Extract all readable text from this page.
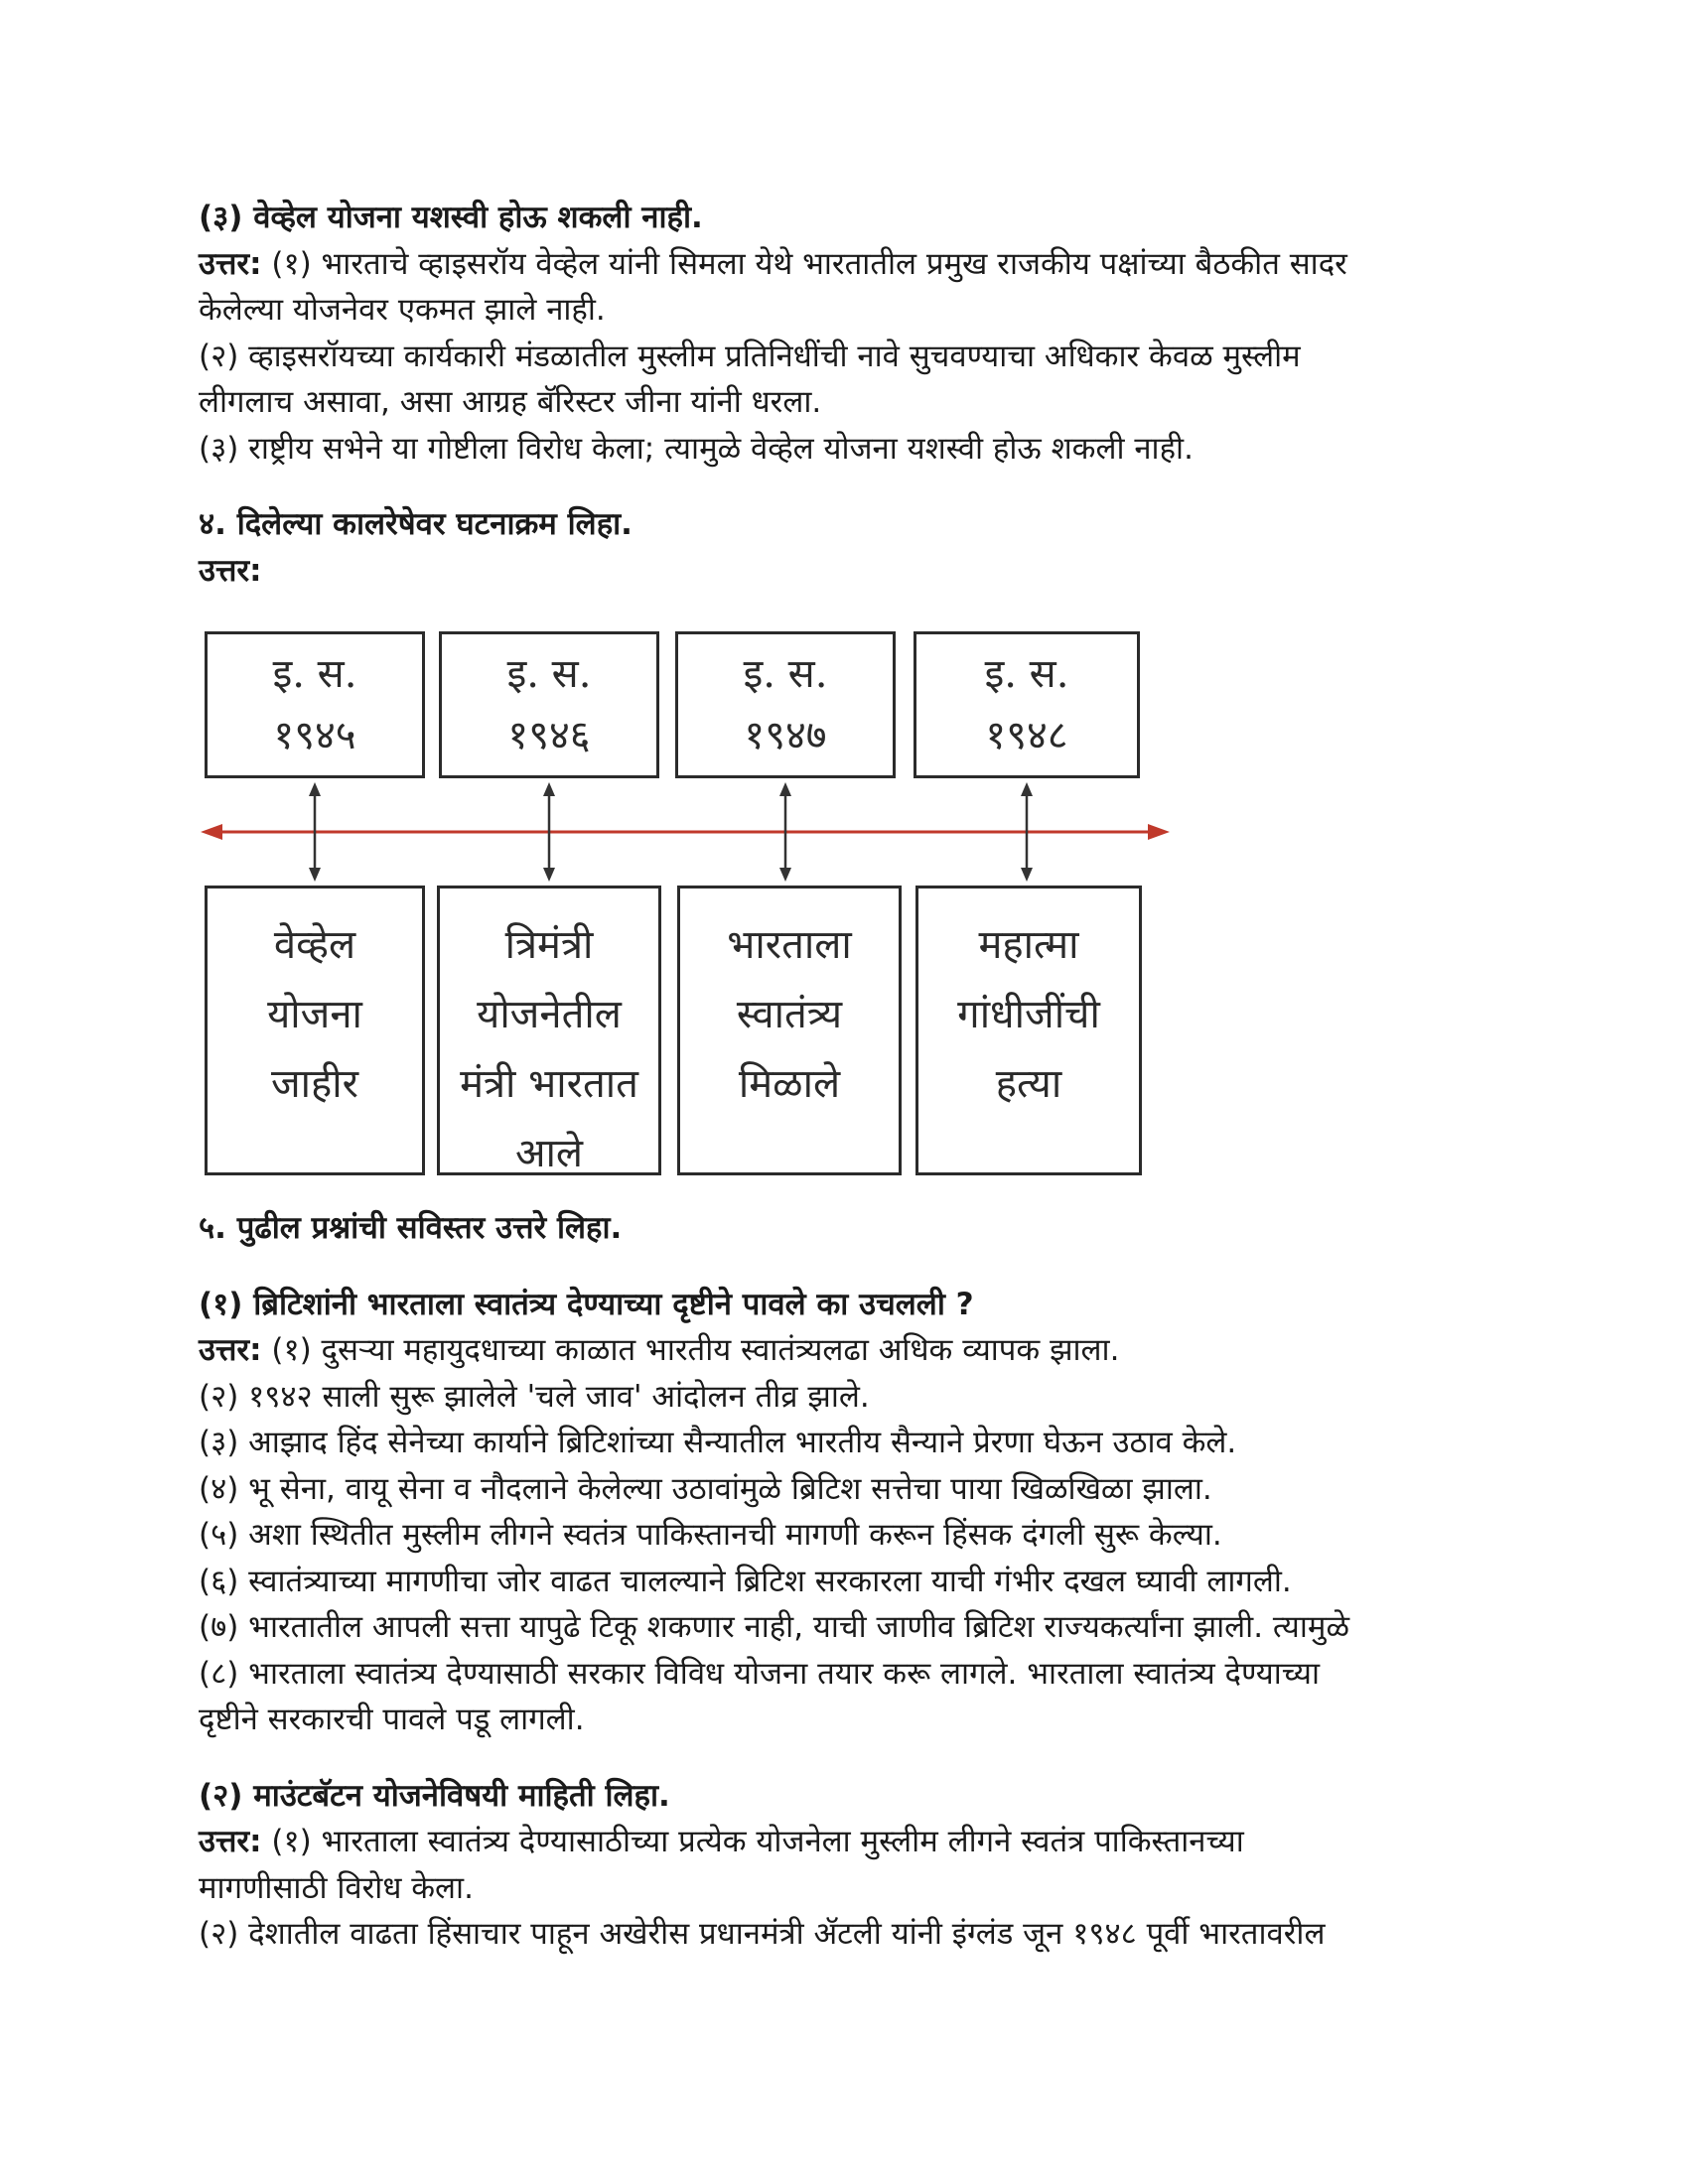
(३) वेव्हेल योजना यशस्वी होऊ शकली नाही.
उत्तर: (१) भारताचे व्हाइसरॉय वेव्हेल यांनी सिमला येथे भारतातील प्रमुख राजकीय पक्षांच्या बैठकीत सादर
केलेल्या योजनेवर एकमत झाले नाही.
(२) व्हाइसरॉयच्या कार्यकारी मंडळातील मुस्लीम प्रतिनिधींची नावे सुचवण्याचा अधिकार केवळ मुस्लीम
लीगलाच असावा, असा आग्रह बॅरिस्टर जीना यांनी धरला.
(३) राष्ट्रीय सभेने या गोष्टीला विरोध केला; त्यामुळे वेव्हेल योजना यशस्वी होऊ शकली नाही.
४. दिलेल्या कालरेषेवर घटनाक्रम लिहा.
उत्तर:
इ. स.
१९४५
इ. स.
१९४६
इ. स.
१९४७
इ. स.
१९४८
वेव्हेल
योजना
जाहीर
त्रिमंत्री
योजनेतील
मंत्री भारतात
आले
भारताला
स्वातंत्र्य
मिळाले
महात्मा
गांधीजींची
हत्या
५. पुढील प्रश्नांची सविस्तर उत्तरे लिहा.
(१) ब्रिटिशांनी भारताला स्वातंत्र्य देण्याच्या दृष्टीने पावले का उचलली ?
उत्तर: (१) दुसऱ्या महायुदधाच्या काळात भारतीय स्वातंत्र्यलढा अधिक व्यापक झाला.
(२) १९४२ साली सुरू झालेले 'चले जाव' आंदोलन तीव्र झाले.
(३) आझाद हिंद सेनेच्या कार्याने ब्रिटिशांच्या सैन्यातील भारतीय सैन्याने प्रेरणा घेऊन उठाव केले.
(४) भू सेना, वायू सेना व नौदलाने केलेल्या उठावांमुळे ब्रिटिश सत्तेचा पाया खिळखिळा झाला.
(५) अशा स्थितीत मुस्लीम लीगने स्वतंत्र पाकिस्तानची मागणी करून हिंसक दंगली सुरू केल्या.
(६) स्वातंत्र्याच्या मागणीचा जोर वाढत चालल्याने ब्रिटिश सरकारला याची गंभीर दखल घ्यावी लागली.
(७) भारतातील आपली सत्ता यापुढे टिकू शकणार नाही, याची जाणीव ब्रिटिश राज्यकर्त्यांना झाली. त्यामुळे
(८) भारताला स्वातंत्र्य देण्यासाठी सरकार विविध योजना तयार करू लागले. भारताला स्वातंत्र्य देण्याच्या
दृष्टीने सरकारची पावले पडू लागली.
(२) माउंटबॅटन योजनेविषयी माहिती लिहा.
उत्तर: (१) भारताला स्वातंत्र्य देण्यासाठीच्या प्रत्येक योजनेला मुस्लीम लीगने स्वतंत्र पाकिस्तानच्या
मागणीसाठी विरोध केला.
(२) देशातील वाढता हिंसाचार पाहून अखेरीस प्रधानमंत्री ॲटली यांनी इंग्लंड जून १९४८ पूर्वी भारतावरील
